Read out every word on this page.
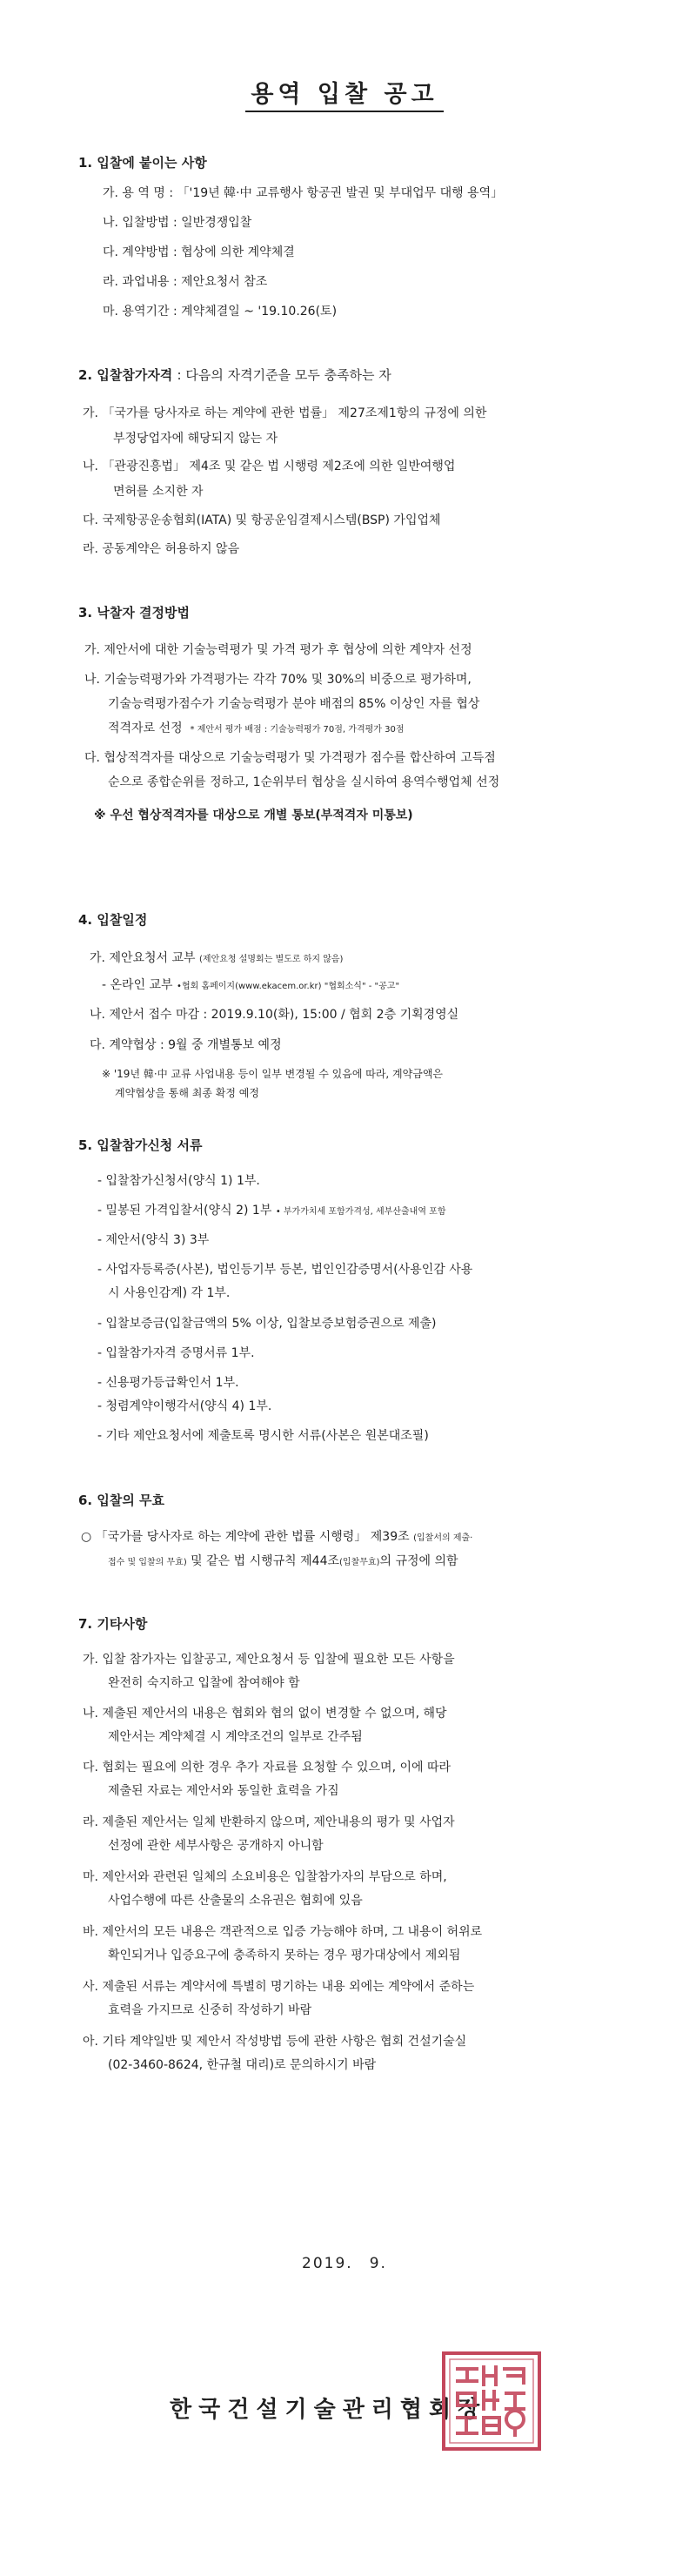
용역 입찰 공고
1. 입찰에 붙이는 사항
가. 용 역 명 : 「'19년 韓·中 교류행사 항공권 발권 및 부대업무 대행 용역」
나. 입찰방법 : 일반경쟁입찰
다. 계약방법 : 협상에 의한 계약체결
라. 과업내용 : 제안요청서 참조
마. 용역기간 : 계약체결일 ~ '19.10.26(토)
2. 입찰참가자격 : 다음의 자격기준을 모두 충족하는 자
가. 「국가를 당사자로 하는 계약에 관한 법률」 제27조제1항의 규정에 의한
부정당업자에 해당되지 않는 자
나. 「관광진흥법」 제4조 및 같은 법 시행령 제2조에 의한 일반여행업
면허를 소지한 자
다. 국제항공운송협회(IATA) 및 항공운임결제시스템(BSP) 가입업체
라. 공동계약은 허용하지 않음
3. 낙찰자 결정방법
가. 제안서에 대한 기술능력평가 및 가격 평가 후 협상에 의한 계약자 선정
나. 기술능력평가와 가격평가는 각각 70% 및 30%의 비중으로 평가하며,
기술능력평가점수가 기술능력평가 분야 배점의 85% 이상인 자를 협상
적격자로 선정 * 제안서 평가 배점 : 기술능력평가 70점, 가격평가 30점
다. 협상적격자를 대상으로 기술능력평가 및 가격평가 점수를 합산하여 고득점
순으로 종합순위를 정하고, 1순위부터 협상을 실시하여 용역수행업체 선정
※ 우선 협상적격자를 대상으로 개별 통보(부적격자 미통보)
4. 입찰일정
가. 제안요청서 교부 (제안요청 설명회는 별도로 하지 않음)
- 온라인 교부 •협회 홈페이지(www.ekacem.or.kr) "협회소식" - "공고"
나. 제안서 접수 마감 : 2019.9.10(화), 15:00 / 협회 2층 기획경영실
다. 계약협상 : 9월 중 개별통보 예정
※ '19년 韓·中 교류 사업내용 등이 일부 변경될 수 있음에 따라, 계약금액은
계약협상을 통해 최종 확정 예정
5. 입찰참가신청 서류
- 입찰참가신청서(양식 1) 1부.
- 밀봉된 가격입찰서(양식 2) 1부 • 부가가치세 포함가격성, 세부산출내역 포함
- 제안서(양식 3) 3부
- 사업자등록증(사본), 법인등기부 등본, 법인인감증명서(사용인감 사용
시 사용인감계) 각 1부.
- 입찰보증금(입찰금액의 5% 이상, 입찰보증보험증권으로 제출)
- 입찰참가자격 증명서류 1부.
- 신용평가등급확인서 1부.
- 청렴계약이행각서(양식 4) 1부.
- 기타 제안요청서에 제출토록 명시한 서류(사본은 원본대조필)
6. 입찰의 무효
○ 「국가를 당사자로 하는 계약에 관한 법률 시행령」 제39조 (입찰서의 제출·
접수 및 입찰의 무효) 및 같은 법 시행규칙 제44조(입찰무효)의 규정에 의함
7. 기타사항
가. 입찰 참가자는 입찰공고, 제안요청서 등 입찰에 필요한 모든 사항을
완전히 숙지하고 입찰에 참여해야 함
나. 제출된 제안서의 내용은 협회와 협의 없이 변경할 수 없으며, 해당
제안서는 계약체결 시 계약조건의 일부로 간주됨
다. 협회는 필요에 의한 경우 추가 자료를 요청할 수 있으며, 이에 따라
제출된 자료는 제안서와 동일한 효력을 가짐
라. 제출된 제안서는 일체 반환하지 않으며, 제안내용의 평가 및 사업자
선정에 관한 세부사항은 공개하지 아니함
마. 제안서와 관련된 일체의 소요비용은 입찰참가자의 부담으로 하며,
사업수행에 따른 산출물의 소유권은 협회에 있음
바. 제안서의 모든 내용은 객관적으로 입증 가능해야 하며, 그 내용이 허위로
확인되거나 입증요구에 충족하지 못하는 경우 평가대상에서 제외됨
사. 제출된 서류는 계약서에 특별히 명기하는 내용 외에는 계약에서 준하는
효력을 가지므로 신중히 작성하기 바람
아. 기타 계약일반 및 제안서 작성방법 등에 관한 사항은 협회 건설기술실
(02-3460-8624, 한규철 대리)로 문의하시기 바람
2019.　9.
한국건설기술관리협회장
